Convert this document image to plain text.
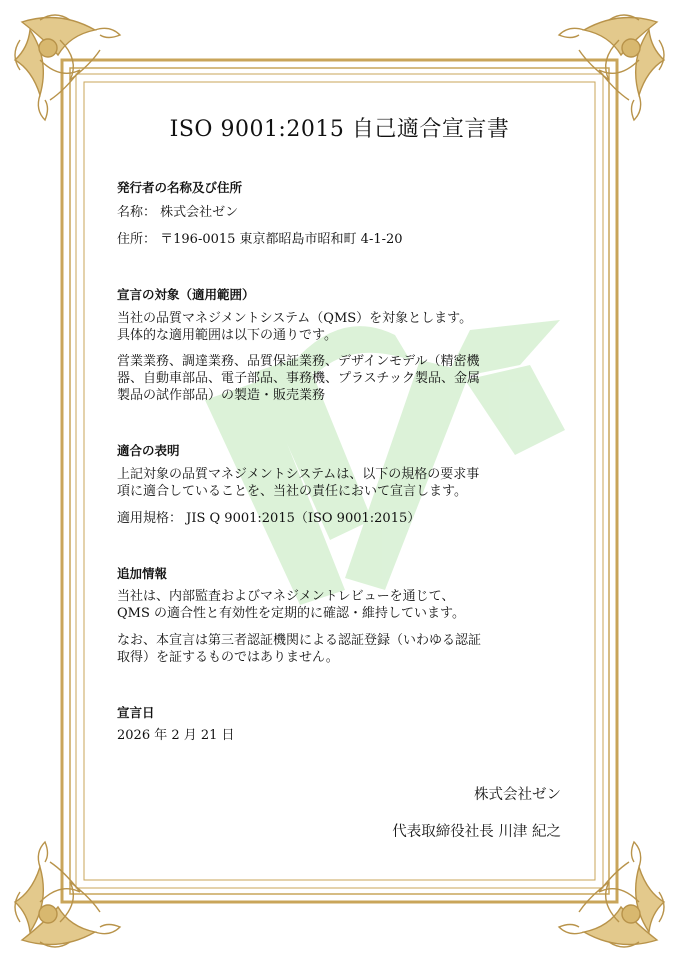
ISO 9001:2015 自己適合宣言書
発行者の名称及び住所
名称： 株式会社ゼン
住所： 〒196-0015 東京都昭島市昭和町 4-1-20
宣言の対象（適用範囲）
当社の品質マネジメントシステム（QMS）を対象とします。
具体的な適用範囲は以下の通りです。
営業業務、調達業務、品質保証業務、デザインモデル（精密機
器、自動車部品、電子部品、事務機、プラスチック製品、金属
製品の試作部品）の製造・販売業務
適合の表明
上記対象の品質マネジメントシステムは、以下の規格の要求事
項に適合していることを、当社の責任において宣言します。
適用規格： JIS Q 9001:2015（ISO 9001:2015）
追加情報
当社は、内部監査およびマネジメントレビューを通じて、
QMS の適合性と有効性を定期的に確認・維持しています。
なお、本宣言は第三者認証機関による認証登録（いわゆる認証
取得）を証するものではありません。
宣言日
2026 年 2 月 21 日
株式会社ゼン
代表取締役社長 川津 紀之
